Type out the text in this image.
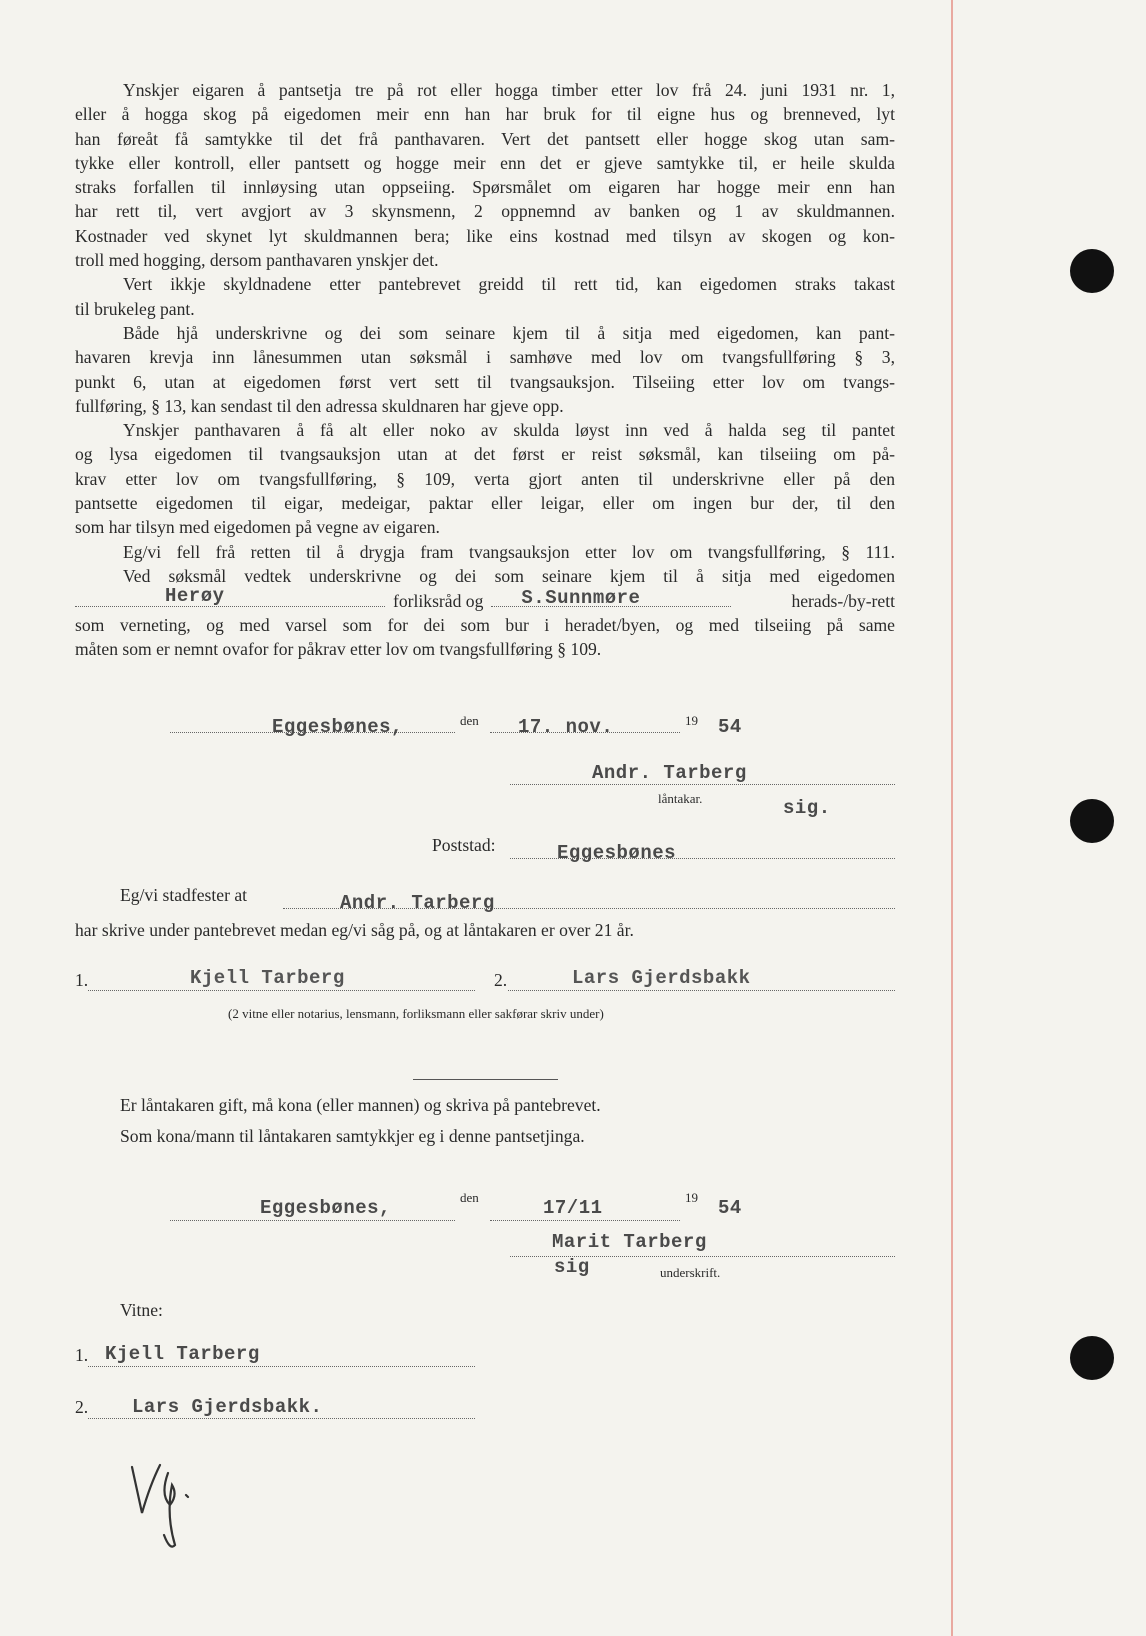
Ynskjer eigaren å pantsetja tre på rot eller hogga timber etter lov frå 24. juni 1931 nr. 1,
eller å hogga skog på eigedomen meir enn han har bruk for til eigne hus og brenneved, lyt
han føreåt få samtykke til det frå panthavaren. Vert det pantsett eller hogge skog utan sam-
tykke eller kontroll, eller pantsett og hogge meir enn det er gjeve samtykke til, er heile skulda
straks forfallen til innløysing utan oppseiing. Spørsmålet om eigaren har hogge meir enn han
har rett til, vert avgjort av 3 skynsmenn, 2 oppnemnd av banken og 1 av skuldmannen.
Kostnader ved skynet lyt skuldmannen bera; like eins kostnad med tilsyn av skogen og kon-
troll med hogging, dersom panthavaren ynskjer det.
Vert ikkje skyldnadene etter pantebrevet greidd til rett tid, kan eigedomen straks takast
til brukeleg pant.
Både hjå underskrivne og dei som seinare kjem til å sitja med eigedomen, kan pant-
havaren krevja inn lånesummen utan søksmål i samhøve med lov om tvangsfullføring § 3,
punkt 6, utan at eigedomen først vert sett til tvangsauksjon. Tilseiing etter lov om tvangs-
fullføring, § 13, kan sendast til den adressa skuldnaren har gjeve opp.
Ynskjer panthavaren å få alt eller noko av skulda løyst inn ved å halda seg til pantet
og lysa eigedomen til tvangsauksjon utan at det først er reist søksmål, kan tilseiing om på-
krav etter lov om tvangsfullføring, § 109, verta gjort anten til underskrivne eller på den
pantsette eigedomen til eigar, medeigar, paktar eller leigar, eller om ingen bur der, til den
som har tilsyn med eigedomen på vegne av eigaren.
Eg/vi fell frå retten til å drygja fram tvangsauksjon etter lov om tvangsfullføring, § 111.
Ved søksmål vedtek underskrivne og dei som seinare kjem til å sitja med eigedomen
Herøy	forliksråd og S.Sunnmøre	herads-/by-rett
som verneting, og med varsel som for dei som bur i heradet/byen, og med tilseiing på same
måten som er nemnt ovafor for påkrav etter lov om tvangsfullføring § 109.
Eggesbønes,	den 17. nov.	19 54
Andr. Tarberg
låntakar.	sig.
Poststad:	Eggesbønes
Eg/vi stadfester at	Andr. Tarberg
har skrive under pantebrevet medan eg/vi såg på, og at låntakaren er over 21 år.
1.	2.
Kjell Tarberg	Lars Gjerdsbakk
(2 vitne eller notarius, lensmann, forliksmann eller sakførar skriv under)
Er låntakaren gift, må kona (eller mannen) og skriva på pantebrevet.
Som kona/mann til låntakaren samtykkjer eg i denne pantsetjinga.
Eggesbønes,	den	17/11	19 54
Marit Tarberg
sig	underskrift.
Vitne:
1. Kjell Tarberg
2. Lars Gjerdsbakk.
